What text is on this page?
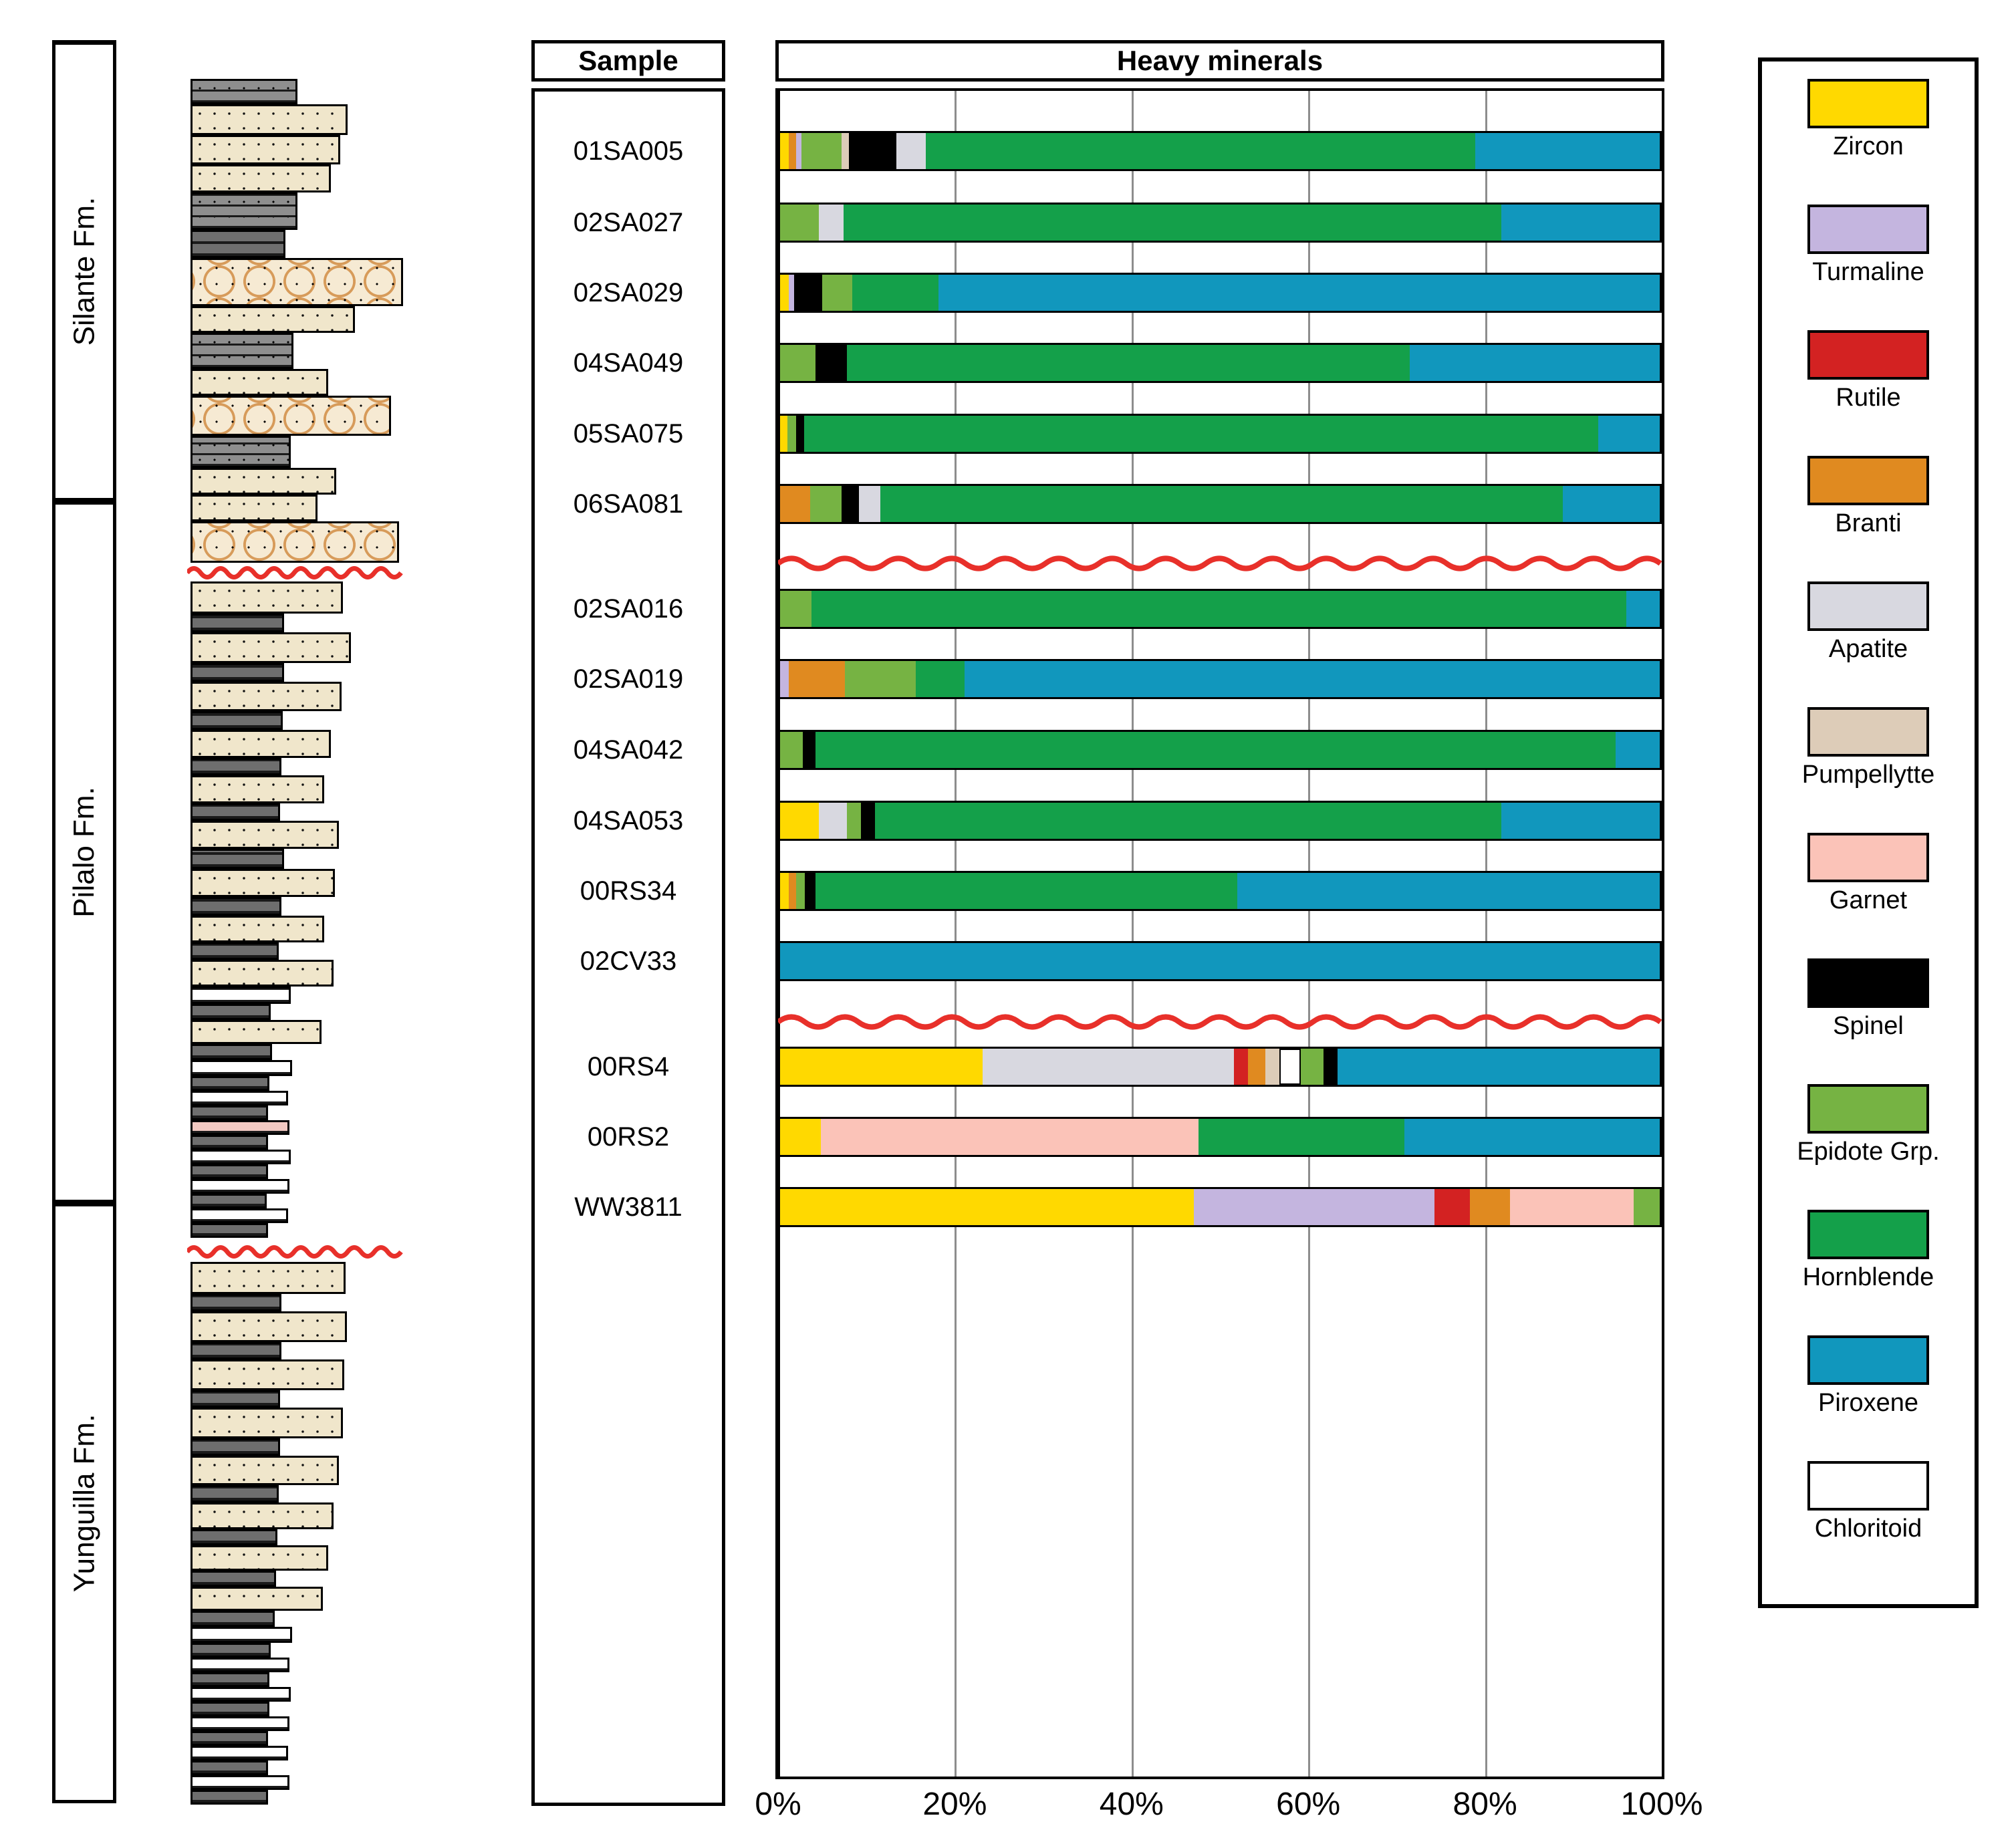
Silante Fm.
Pilalo Fm.
Yunguilla Fm.
Sample	Heavy minerals
Zircon
Turmaline
Rutile
Branti
Apatite
Pumpellytte
Garnet
Spinel
Epidote Grp.
Hornblende
Piroxene
Chloritoid
0%	20%	40%	60%	80%	100%
01SA005
02SA027
02SA029
04SA049
05SA075
06SA081
02SA016
02SA019
04SA042
04SA053
00RS34
02CV33
00RS4
00RS2
WW3811
